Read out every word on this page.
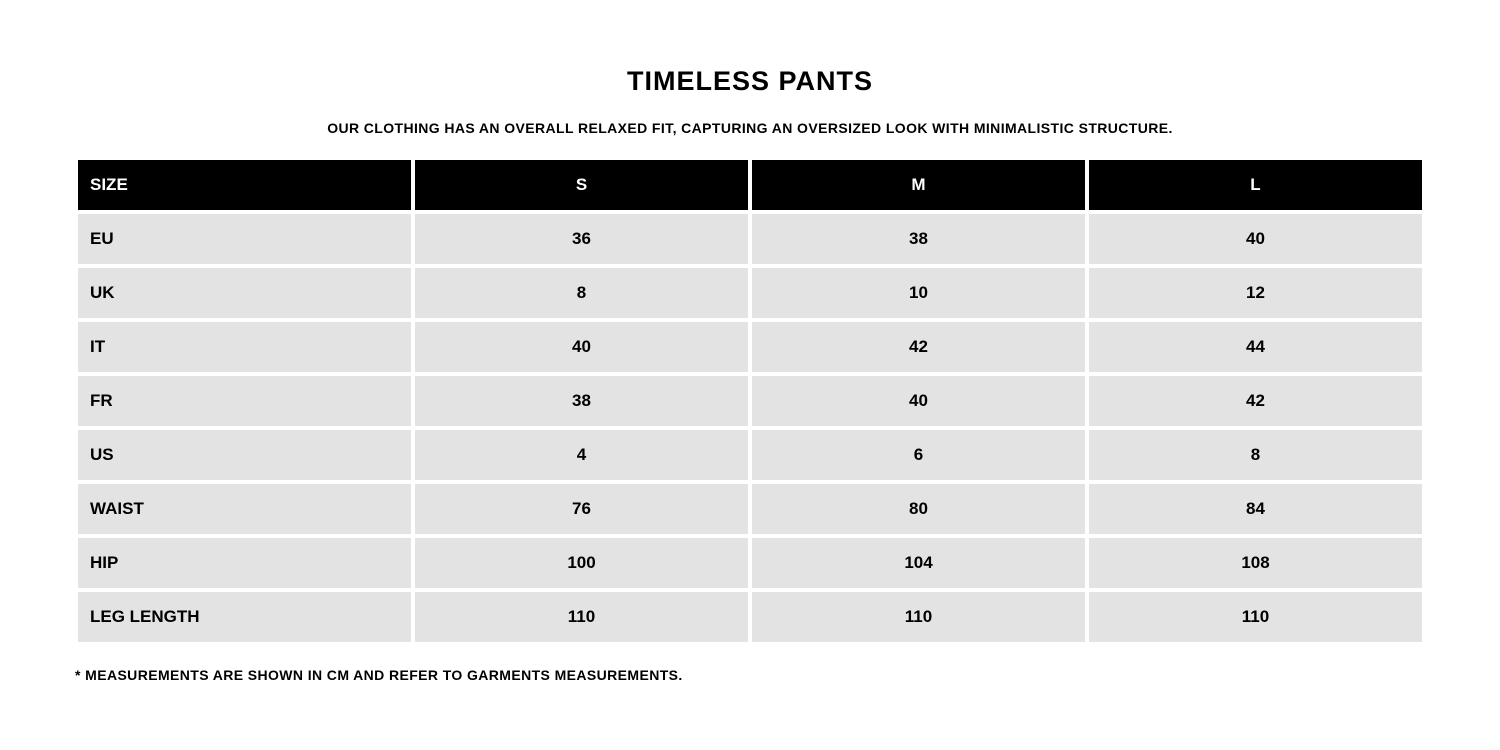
TIMELESS PANTS

OUR CLOTHING HAS AN OVERALL RELAXED FIT, CAPTURING AN OVERSIZED LOOK WITH MINIMALISTIC STRUCTURE.

SIZE	S	M	L
EU	36	38	40
UK	8	10	12
IT	40	42	44
FR	38	40	42
US	4	6	8
WAIST	76	80	84
HIP	100	104	108
LEG LENGTH	110	110	110

* MEASUREMENTS ARE SHOWN IN CM AND REFER TO GARMENTS MEASUREMENTS.
